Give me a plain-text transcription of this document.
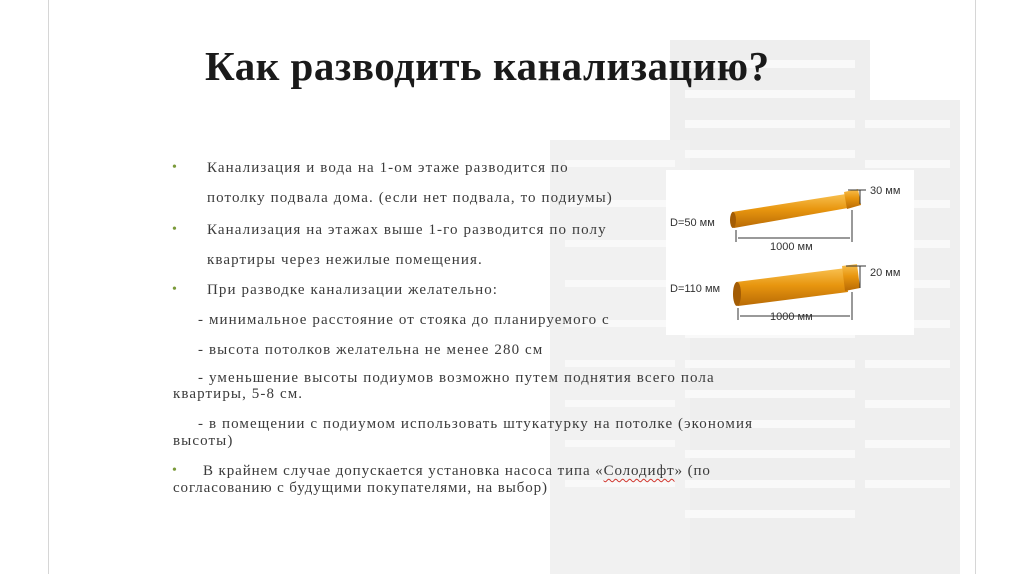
Как разводить канализацию?
• Канализация и вода на 1-ом этаже разводится по
потолку подвала дома. (если нет подвала, то подиумы)
• Канализация на этажах выше 1-го разводится по полу
квартиры через нежилые помещения.
• При разводке канализации желательно:
- минимальное расстояние от стояка до планируемого с
- высота потолков желательна не менее 280 см
- уменьшение высоты подиумов возможно путем поднятия всего пола
квартиры, 5-8 см.
- в помещении с подиумом использовать штукатурку на потолке (экономия
высоты)
• В крайнем случае допускается установка насоса типа «Солодифт» (по
согласованию с будущими покупателями, на выбор)
D=50 мм
1000 мм
30 мм
D=110 мм
1000 мм
20 мм
